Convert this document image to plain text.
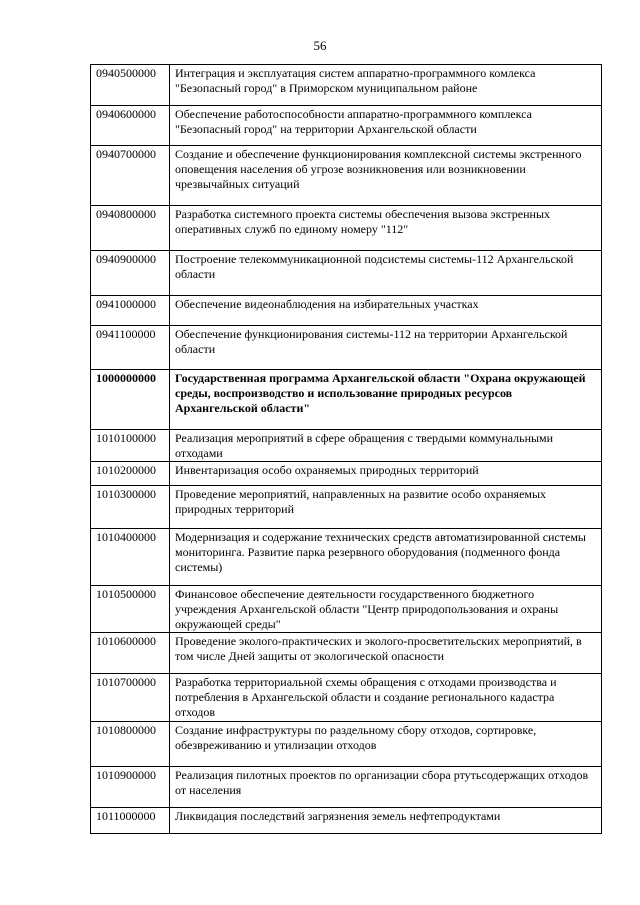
56
0940500000	Интеграция и эксплуатация систем аппаратно-программного комлекса "Безопасный город" в Приморском муниципальном районе
0940600000	Обеспечение работоспособности аппаратно-программного комплекса "Безопасный город" на территории Архангельской области
0940700000	Создание и обеспечение функционирования комплексной системы экстренного оповещения населения об угрозе возникновения или возникновении чрезвычайных ситуаций
0940800000	Разработка системного проекта системы обеспечения вызова экстренных оперативных служб по единому номеру "112"
0940900000	Построение телекоммуникационной подсистемы системы-112 Архангельской области
0941000000	Обеспечение видеонаблюдения на избирательных участках
0941100000	Обеспечение функционирования системы-112 на территории Архангельской области
1000000000	Государственная программа Архангельской области "Охрана окружающей среды, воспроизводство и использование природных ресурсов Архангельской области"
1010100000	Реализация мероприятий в сфере обращения с твердыми коммунальными отходами
1010200000	Инвентаризация особо охраняемых природных территорий
1010300000	Проведение мероприятий, направленных на развитие особо охраняемых природных территорий
1010400000	Модернизация и содержание технических средств автоматизированной системы мониторинга. Развитие парка резервного оборудования (подменного фонда системы)
1010500000	Финансовое обеспечение деятельности государственного бюджетного учреждения Архангельской области "Центр природопользования и охраны окружающей среды"
1010600000	Проведение эколого-практических и эколого-просветительских мероприятий, в том числе Дней защиты от экологической опасности
1010700000	Разработка территориальной схемы обращения с отходами производства и потребления в Архангельской области и создание регионального кадастра отходов
1010800000	Создание инфраструктуры по раздельному сбору отходов, сортировке, обезвреживанию и утилизации отходов
1010900000	Реализация пилотных проектов по организации сбора ртутьсодержащих отходов от населения
1011000000	Ликвидация последствий загрязнения земель нефтепродуктами
